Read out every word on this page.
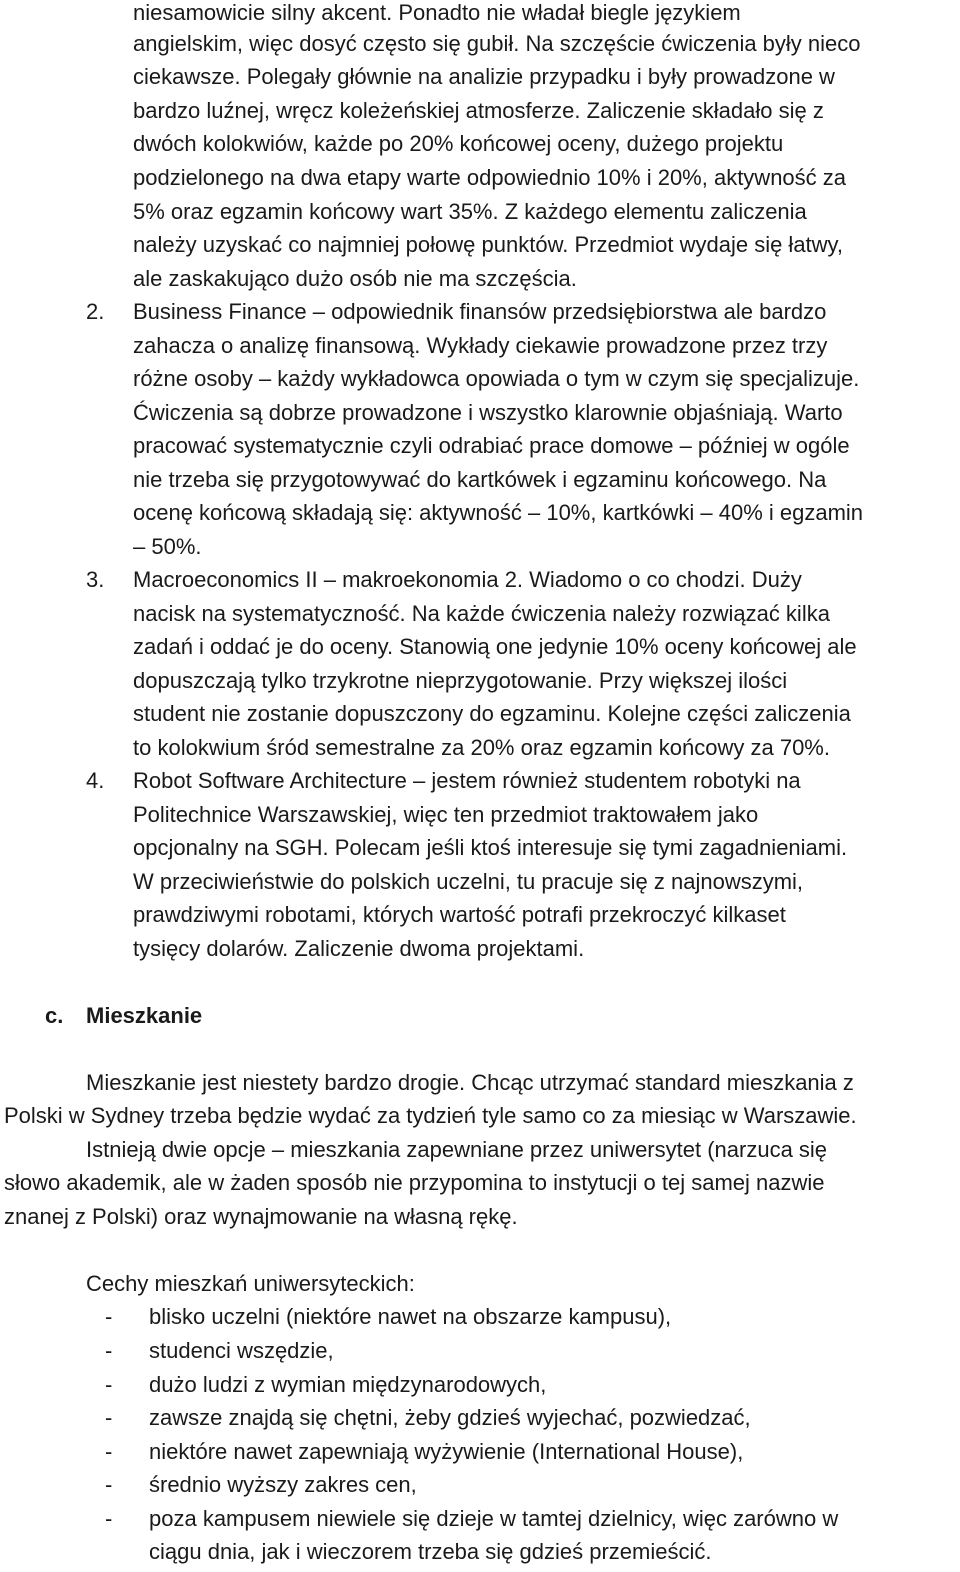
niesamowicie silny akcent. Ponadto nie władał biegle językiem
angielskim, więc dosyć często się gubił. Na szczęście ćwiczenia były nieco
ciekawsze. Polegały głównie na analizie przypadku i były prowadzone w
bardzo luźnej, wręcz koleżeńskiej atmosferze. Zaliczenie składało się z
dwóch kolokwiów, każde po 20% końcowej oceny, dużego projektu
podzielonego na dwa etapy warte odpowiednio 10% i 20%, aktywność za
5% oraz egzamin końcowy wart 35%. Z każdego elementu zaliczenia
należy uzyskać co najmniej połowę punktów. Przedmiot wydaje się łatwy,
ale zaskakująco dużo osób nie ma szczęścia.
2. Business Finance – odpowiednik finansów przedsiębiorstwa ale bardzo
zahacza o analizę finansową. Wykłady ciekawie prowadzone przez trzy
różne osoby – każdy wykładowca opowiada o tym w czym się specjalizuje.
Ćwiczenia są dobrze prowadzone i wszystko klarownie objaśniają. Warto
pracować systematycznie czyli odrabiać prace domowe – później w ogóle
nie trzeba się przygotowywać do kartkówek i egzaminu końcowego. Na
ocenę końcową składają się: aktywność – 10%, kartkówki – 40% i egzamin
– 50%.
3. Macroeconomics II – makroekonomia 2. Wiadomo o co chodzi. Duży
nacisk na systematyczność. Na każde ćwiczenia należy rozwiązać kilka
zadań i oddać je do oceny. Stanowią one jedynie 10% oceny końcowej ale
dopuszczają tylko trzykrotne nieprzygotowanie. Przy większej ilości
student nie zostanie dopuszczony do egzaminu. Kolejne części zaliczenia
to kolokwium śród semestralne za 20% oraz egzamin końcowy za 70%.
4. Robot Software Architecture – jestem również studentem robotyki na
Politechnice Warszawskiej, więc ten przedmiot traktowałem jako
opcjonalny na SGH. Polecam jeśli ktoś interesuje się tymi zagadnieniami.
W przeciwieństwie do polskich uczelni, tu pracuje się z najnowszymi,
prawdziwymi robotami, których wartość potrafi przekroczyć kilkaset
tysięcy dolarów. Zaliczenie dwoma projektami.
c. Mieszkanie
Mieszkanie jest niestety bardzo drogie. Chcąc utrzymać standard mieszkania z
Polski w Sydney trzeba będzie wydać za tydzień tyle samo co za miesiąc w Warszawie.
Istnieją dwie opcje – mieszkania zapewniane przez uniwersytet (narzuca się
słowo akademik, ale w żaden sposób nie przypomina to instytucji o tej samej nazwie
znanej z Polski) oraz wynajmowanie na własną rękę.
Cechy mieszkań uniwersyteckich:
- blisko uczelni (niektóre nawet na obszarze kampusu),
- studenci wszędzie,
- dużo ludzi z wymian międzynarodowych,
- zawsze znajdą się chętni, żeby gdzieś wyjechać, pozwiedzać,
- niektóre nawet zapewniają wyżywienie (International House),
- średnio wyższy zakres cen,
- poza kampusem niewiele się dzieje w tamtej dzielnicy, więc zarówno w
ciągu dnia, jak i wieczorem trzeba się gdzieś przemieścić.
